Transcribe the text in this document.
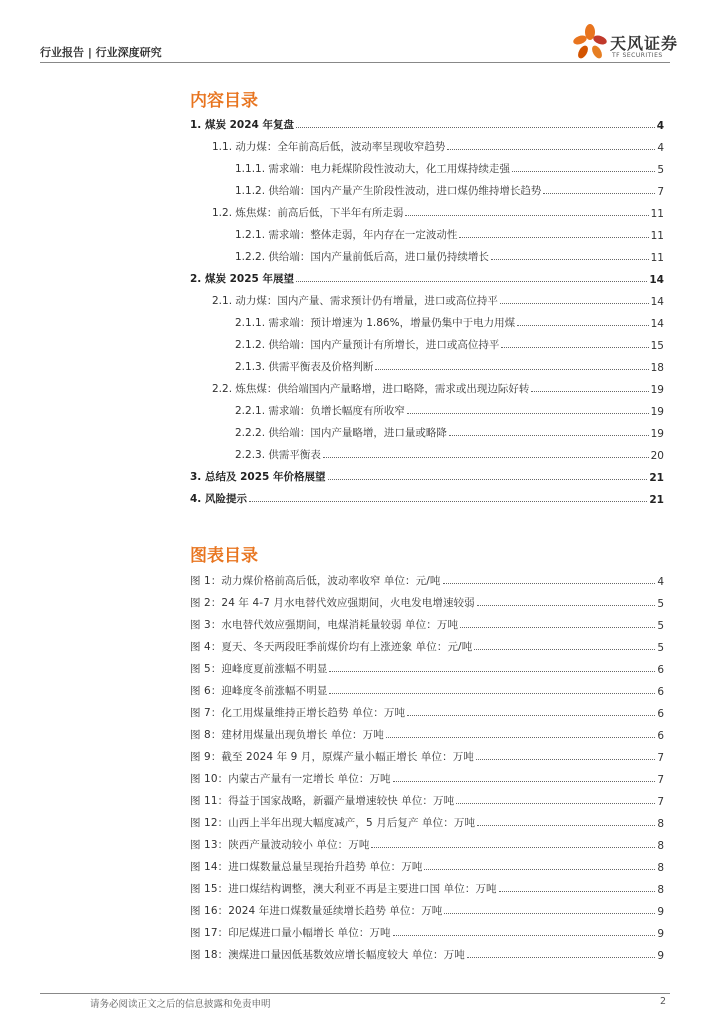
行业报告 | 行业深度研究	天风证券
TF SECURITIES
内容目录
1. 煤炭 2024 年复盘	4
1.1. 动力煤：全年前高后低，波动率呈现收窄趋势	4
1.1.1. 需求端：电力耗煤阶段性波动大，化工用煤持续走强	5
1.1.2. 供给端：国内产量产生阶段性波动，进口煤仍维持增长趋势	7
1.2. 炼焦煤：前高后低，下半年有所走弱	11
1.2.1. 需求端：整体走弱，年内存在一定波动性	11
1.2.2. 供给端：国内产量前低后高，进口量仍持续增长	11
2. 煤炭 2025 年展望	14
2.1. 动力煤：国内产量、需求预计仍有增量，进口或高位持平	14
2.1.1. 需求端：预计增速为 1.86%，增量仍集中于电力用煤	14
2.1.2. 供给端：国内产量预计有所增长，进口或高位持平	15
2.1.3. 供需平衡表及价格判断	18
2.2. 炼焦煤：供给端国内产量略增，进口略降，需求或出现边际好转	19
2.2.1. 需求端：负增长幅度有所收窄	19
2.2.2. 供给端：国内产量略增，进口量或略降	19
2.2.3. 供需平衡表	20
3. 总结及 2025 年价格展望	21
4. 风险提示	21
图表目录
图 1：动力煤价格前高后低，波动率收窄 单位：元/吨	4
图 2：24 年 4-7 月水电替代效应强期间，火电发电增速较弱	5
图 3：水电替代效应强期间，电煤消耗量较弱 单位：万吨	5
图 4：夏天、冬天两段旺季前煤价均有上涨迹象 单位：元/吨	5
图 5：迎峰度夏前涨幅不明显	6
图 6：迎峰度冬前涨幅不明显	6
图 7：化工用煤量维持正增长趋势 单位：万吨	6
图 8：建材用煤量出现负增长 单位：万吨	6
图 9：截至 2024 年 9 月，原煤产量小幅正增长 单位：万吨	7
图 10：内蒙古产量有一定增长 单位：万吨	7
图 11：得益于国家战略，新疆产量增速较快 单位：万吨	7
图 12：山西上半年出现大幅度减产，5 月后复产 单位：万吨	8
图 13：陕西产量波动较小 单位：万吨	8
图 14：进口煤数量总量呈现抬升趋势 单位：万吨	8
图 15：进口煤结构调整，澳大利亚不再是主要进口国 单位：万吨	8
图 16：2024 年进口煤数量延续增长趋势 单位：万吨	9
图 17：印尼煤进口量小幅增长 单位：万吨	9
图 18：澳煤进口量因低基数效应增长幅度较大 单位：万吨	9
请务必阅读正文之后的信息披露和免责申明	2
